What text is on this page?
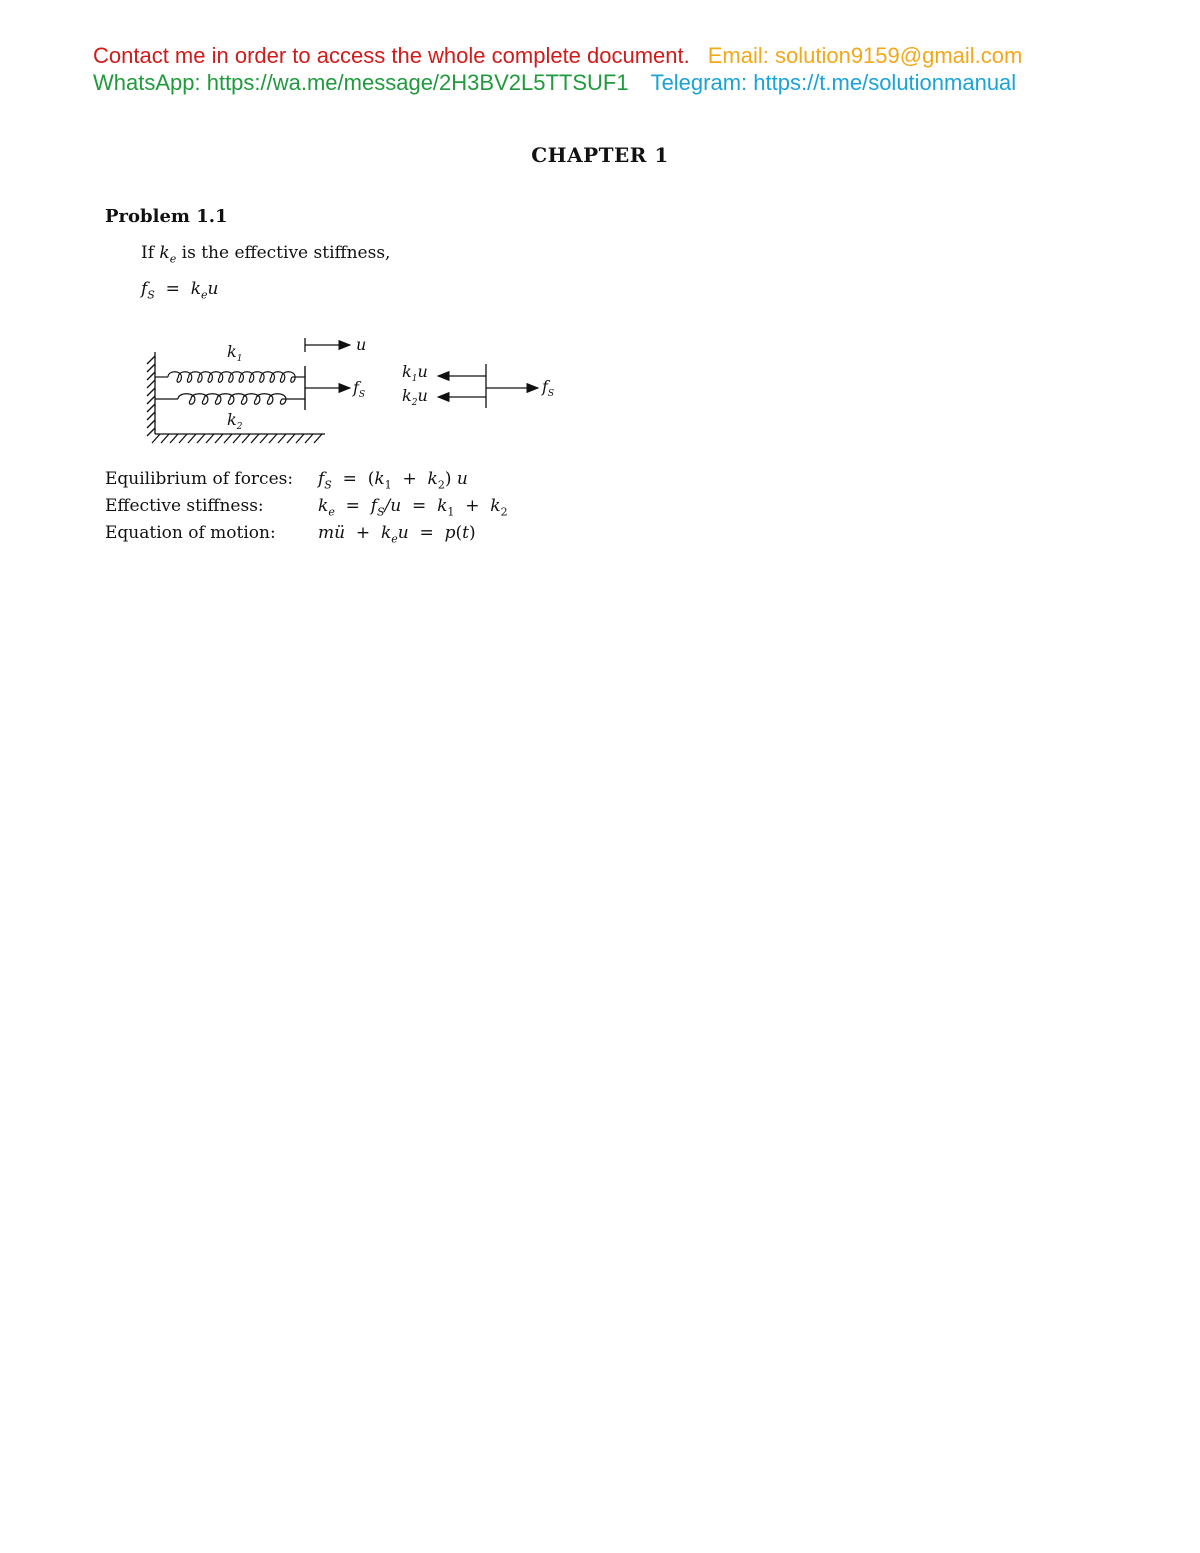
Contact me in order to access the whole complete document. Email: solution9159@gmail.com
WhatsApp: https://wa.me/message/2H3BV2L5TTSUF1 Telegram: https://t.me/solutionmanual
CHAPTER 1
Problem 1.1
If $k_e$ is the effective stiffness,
$f_S = k_eu$
$k_1$
$k_2$
u
$f_S$
$k_1u$
$k_2u$	$f_S$
Equilibrium of forces: $f_S = (k_1 + k_2)$ u
Effective stiffness:	$k_e = f_S/u = k_1 + k_2$
Equation of motion: mü  +  $k_eu = p(t)$
